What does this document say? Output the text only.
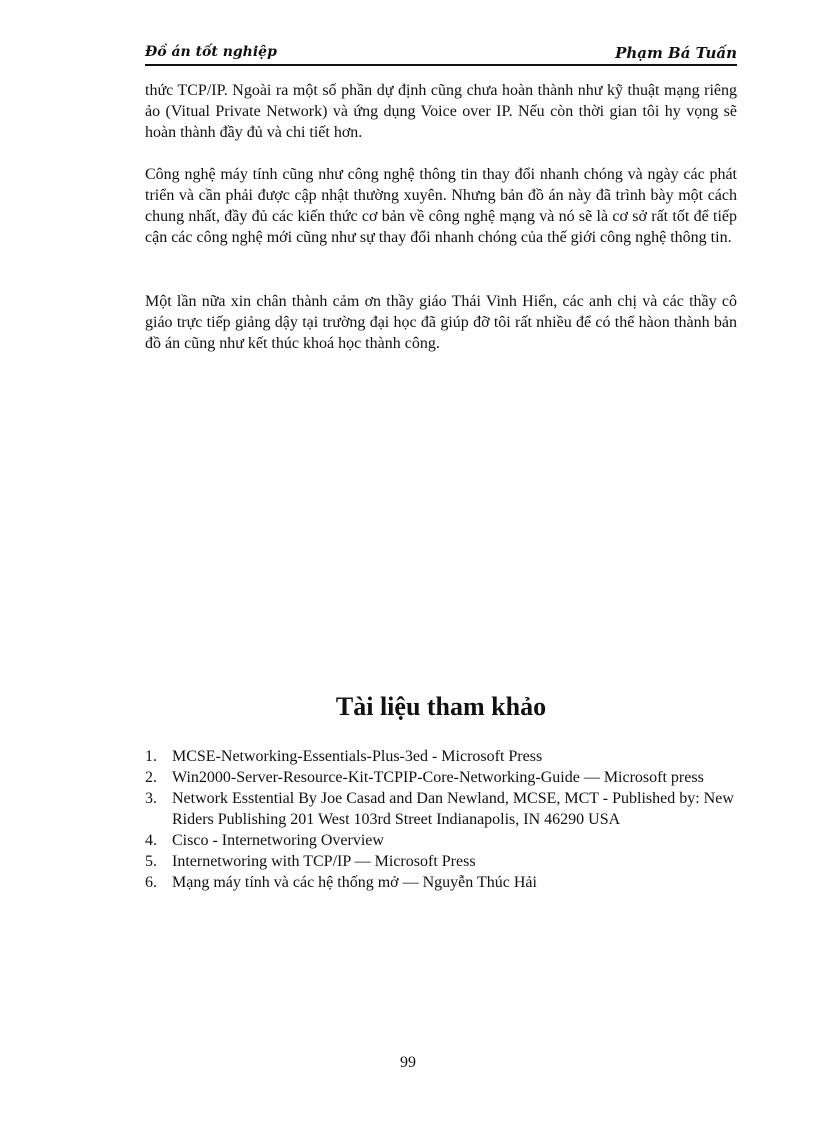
Đồ án tốt nghiệp	Phạm Bá Tuấn

thức TCP/IP. Ngoài ra một số phần dự định cũng chưa hoàn thành như kỹ thuật mạng riêng ảo (Vitual Private Network) và ứng dụng Voice over IP. Nếu còn thời gian tôi hy vọng sẽ hoàn thành đầy đủ và chi tiết hơn.

Công nghệ máy tính cũng như công nghệ thông tin thay đổi nhanh chóng và ngày các phát triển và cần phải được cập nhật thường xuyên. Nhưng bản đồ án này đã trình bày một cách chung nhất, đầy đủ các kiến thức cơ bản về công nghệ mạng và nó sẽ là cơ sở rất tốt để tiếp cận các công nghệ mới cũng như sự thay đổi nhanh chóng của thế giới công nghệ thông tin.

Một lần nữa xin chân thành cảm ơn thầy giáo Thái Vinh Hiển, các anh chị và các thầy cô giáo trực tiếp giảng dậy tại trường đại học đã giúp đỡ tôi rất nhiều để có thể hàon thành bản đồ án cũng như kết thúc khoá học thành công.

Tài liệu tham khảo
1. MCSE-Networking-Essentials-Plus-3ed - Microsoft Press
2. Win2000-Server-Resource-Kit-TCPIP-Core-Networking-Guide — Microsoft press
3. Network Esstential By Joe Casad and Dan Newland, MCSE, MCT - Published by: New Riders Publishing 201 West 103rd Street Indianapolis, IN 46290 USA
4. Cisco - Internetworing Overview
5. Internetworing with TCP/IP — Microsoft Press
6. Mạng máy tính và các hệ thống mở — Nguyễn Thúc Hải

99
